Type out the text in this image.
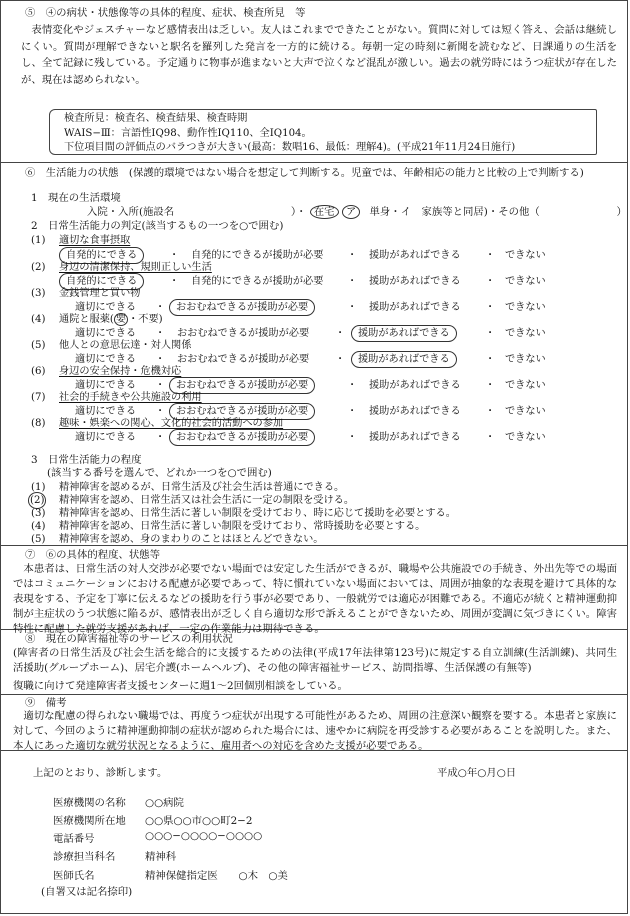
⑤　④の病状・状態像等の具体的程度、症状、検査所見　等

表情変化やジェスチャーなど感情表出は乏しい。友人はこれまでできたことがない。質問に対しては短く答え、会話は継続しにくい。質問が理解できないと駅名を羅列した発言を一方的に続ける。毎朝一定の時刻に新聞を読むなど、日課通りの生活をし、全て記録に残している。予定通りに物事が進まないと大声で泣くなど混乱が激しい。過去の就労時にはうつ症状が存在したが、現在は認められない。

検査所見：検査名、検査結果、検査時期
WAIS−Ⅲ：言語性IQ98、動作性IQ110、全IQ104。
下位項目間の評価点のバラつきが大きい(最高：数唱16、最低：理解4)。(平成21年11月24日施行)
⑥　生活能力の状態　(保護的環境ではない場合を想定して判断する。児童では、年齢相応の能力と比較の上で判断する)
1　現在の生活環境
入院・入所(施設名	）・ 在宅 ア 単身・イ　家族等と同居)・その他（	）
2　日常生活能力の判定(該当するもの一つを○で囲む)
(1) 適切な食事摂取
自発的にできる	・ 自発的にできるが援助が必要 ・ 援助があればできる ・ できない
(2) 身辺の清潔保持、規則正しい生活
自発的にできる	・ 自発的にできるが援助が必要 ・ 援助があればできる ・ できない
(3) 金銭管理と買い物
適切にできる ・	おおむねできるが援助が必要	・ 援助があればできる ・ できない
(4) 通院と服薬( 要 ・不要)
適切にできる ・ おおむねできるが援助が必要	・	援助があればできる	・ できない
(5) 他人との意思伝達・対人関係
適切にできる ・ おおむねできるが援助が必要	・	援助があればできる	・ できない
(6) 身辺の安全保持・危機対応
適切にできる ・	おおむねできるが援助が必要	・ 援助があればできる ・ できない
(7) 社会的手続きや公共施設の利用
適切にできる ・	おおむねできるが援助が必要	・ 援助があればできる ・ できない
(8) 趣味・娯楽への関心、文化的社会的活動への参加
適切にできる ・	おおむねできるが援助が必要	・ 援助があればできる ・ できない
3　日常生活能力の程度
(該当する番号を選んで、どれか一つを○で囲む)
(1) 精神障害を認めるが、日常生活及び社会生活は普通にできる。
(2) 精神障害を認め、日常生活又は社会生活に一定の制限を受ける。
(3) 精神障害を認め、日常生活に著しい制限を受けており、時に応じて援助を必要とする。
(4) 精神障害を認め、日常生活に著しい制限を受けており、常時援助を必要とする。
(5) 精神障害を認め、身のまわりのことはほとんどできない。
⑦　⑥の具体的程度、状態等

本患者は、日常生活の対人交渉が必要でない場面では安定した生活ができるが、職場や公共施設での手続き、外出先等での場面ではコミュニケーションにおける配慮が必要であって、特に慣れていない場面においては、周囲が抽象的な表現を避けて具体的な表現をする、予定を丁寧に伝えるなどの援助を行う事が必要であり、一般就労では適応が困難である。不適応が続くと精神運動抑制が主症状のうつ状態に陥るが、感情表出が乏しく自ら適切な形で訴えることができないため、周囲が変調に気づきにくい。障害特性に配慮した就労支援があれば、一定の作業能力は期待できる。

⑧　現在の障害福祉等のサービスの利用状況

(障害者の日常生活及び社会生活を総合的に支援するための法律(平成17年法律第123号)に規定する自立訓練(生活訓練)、共同生活援助(グループホーム)、居宅介護(ホームヘルプ)、その他の障害福祉サービス、訪問指導、生活保護の有無等)

復職に向けて発達障害者支援センターに週1〜2回個別相談をしている。
⑨　備考

適切な配慮の得られない職場では、再度うつ症状が出現する可能性があるため、周囲の注意深い観察を要する。本患者と家族に対して、今回のように精神運動抑制の症状が認められた場合には、速やかに病院を再受診する必要があることを説明した。また、本人にあった適切な就労状況となるように、雇用者への対応を含めた支援が必要である。

上記のとおり、診断します。	平成○年○月○日
医療機関の名称 ○○病院
医療機関所在地 ○○県○○市○○町2−2
電話番号	○○○−○○○○−○○○○
診療担当科名	精神科
医師氏名	精神保健指定医　　○木　○美
(自署又は記名捺印)
